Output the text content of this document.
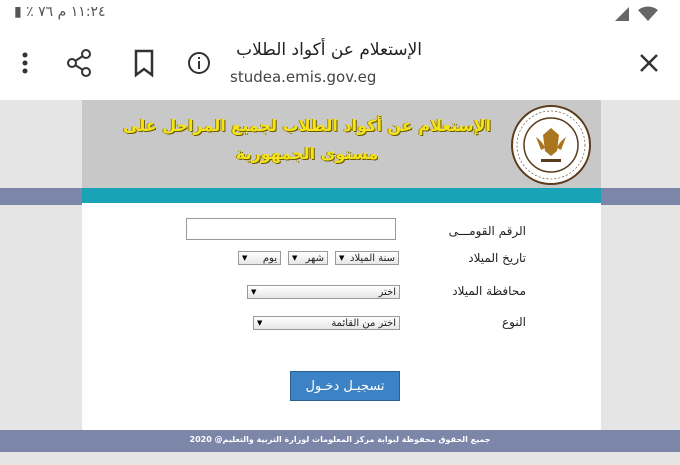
١١:٢٤ م ٧٦ ٪ ▮
الإستعلام عن أكواد الطلاب
studea.emis.gov.eg
الإستعلام عن أكواد الطلاب لجميع المراحل على مستوى الجمهورية
الرقم القومـــى
تاريخ الميلاد
سنة الميلاد
▼
شهر
▼
يوم
▼
محافظة الميلاد
اختر
▼
النوع
اختر من القائمة
▼
تسجيـل دخـول
جميع الحقوق محفوظة لبوابة مركز المعلومات لوزارة التربية والتعليم@ 2020
